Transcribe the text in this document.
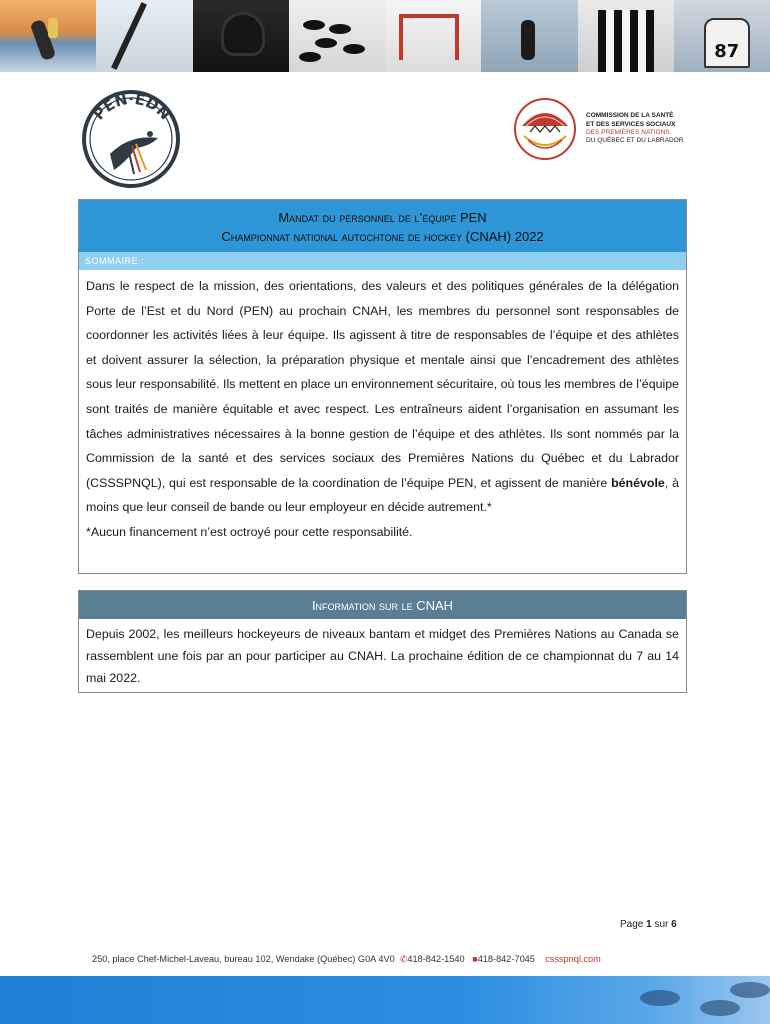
87
PEN·EDN	COMMISSION DE LA SANTÉ
ET DES SERVICES SOCIAUX
DES PREMIÈRES NATIONS
DU QUÉBEC ET DU LABRADOR
Mandat du personnel de l’équipe PEN
Championnat national autochtone de hockey (CNAH) 2022
SOMMAIRE :

Dans le respect de la mission, des orientations, des valeurs et des politiques générales de la délégation Porte de l’Est et du Nord (PEN) au prochain CNAH, les membres du personnel sont responsables de coordonner les activités liées à leur équipe. Ils agissent à titre de responsables de l’équipe et des athlètes et doivent assurer la sélection, la préparation physique et mentale ainsi que l’encadrement des athlètes sous leur responsabilité. Ils mettent en place un environnement sécuritaire, où tous les membres de l’équipe sont traités de manière équitable et avec respect. Les entraîneurs aident l’organisation en assumant les tâches administratives nécessaires à la bonne gestion de l’équipe et des athlètes. Ils sont nommés par la Commission de la santé et des services sociaux des Premières Nations du Québec et du Labrador (CSSSPNQL), qui est responsable de la coordination de l’équipe PEN, et agissent de manière bénévole, à moins que leur conseil de bande ou leur employeur en décide autrement.*

*Aucun financement n’est octroyé pour cette responsabilité.

Information sur le CNAH
Depuis 2002, les meilleurs hockeyeurs de niveaux bantam et midget des Premières Nations au Canada se rassemblent une fois par an pour participer au CNAH. La prochaine édition de ce championnat du 7 au 14 mai 2022.
Page 1 sur 6
250, place Chef-Michel-Laveau, bureau 102, Wendake (Québec) G0A 4V0 ✆418-842-1540 ■418-842-7045 cssspnql.com
